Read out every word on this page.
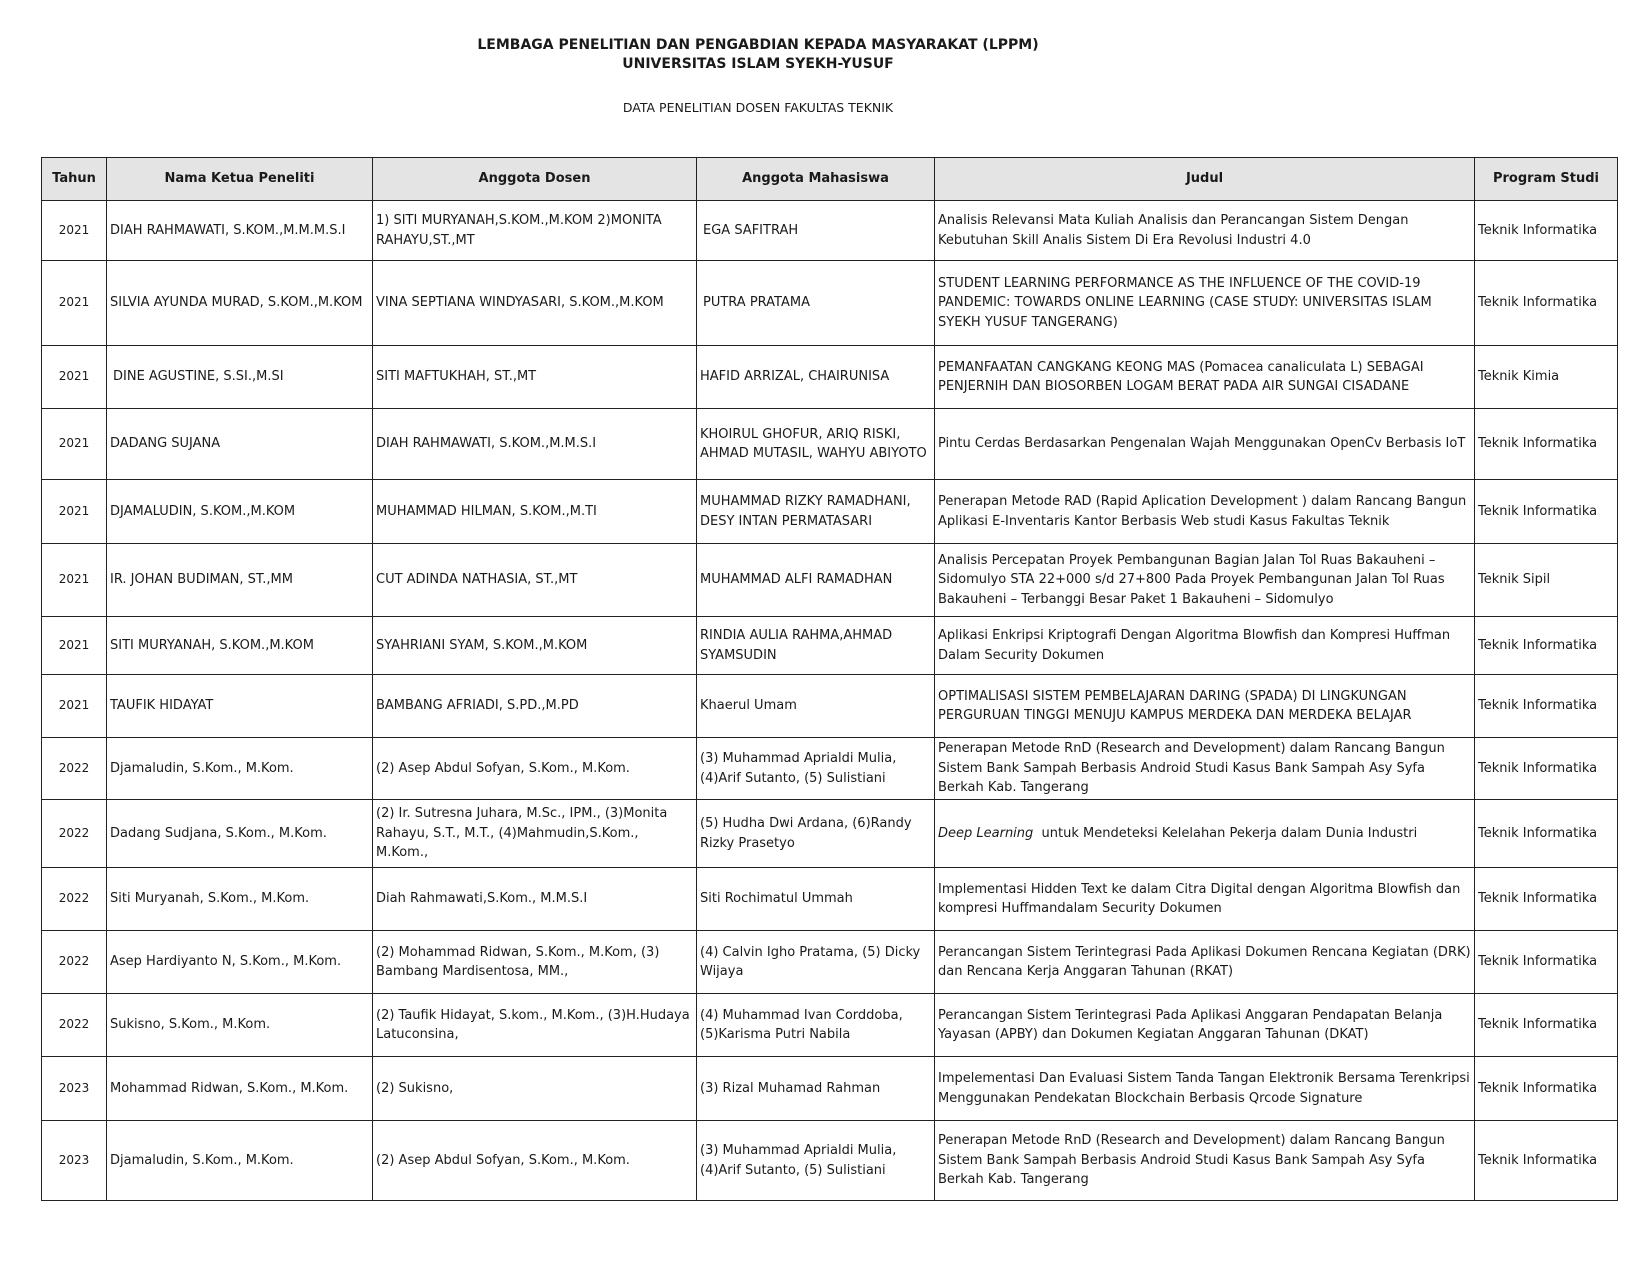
LEMBAGA PENELITIAN DAN PENGABDIAN KEPADA MASYARAKAT (LPPM)
UNIVERSITAS ISLAM SYEKH-YUSUF
DATA PENELITIAN DOSEN FAKULTAS TEKNIK
Tahun	Nama Ketua Peneliti	Anggota Dosen	Anggota Mahasiswa	Judul	Program Studi
2021	DIAH RAHMAWATI, S.KOM.,M.M.M.S.I	1) SITI MURYANAH,S.KOM.,M.KOM 2)MONITA RAHAYU,ST.,MT	EGA SAFITRAH	Analisis Relevansi Mata Kuliah Analisis dan Perancangan Sistem Dengan Kebutuhan Skill Analis Sistem Di Era Revolusi Industri 4.0	Teknik Informatika
2021	SILVIA AYUNDA MURAD, S.KOM.,M.KOM	VINA SEPTIANA WINDYASARI, S.KOM.,M.KOM	PUTRA PRATAMA	STUDENT LEARNING PERFORMANCE AS THE INFLUENCE OF THE COVID-19 PANDEMIC: TOWARDS ONLINE LEARNING (CASE STUDY: UNIVERSITAS ISLAM SYEKH YUSUF TANGERANG)	Teknik Informatika
2021	DINE AGUSTINE, S.SI.,M.SI	SITI MAFTUKHAH, ST.,MT	HAFID ARRIZAL, CHAIRUNISA	PEMANFAATAN CANGKANG KEONG MAS (Pomacea canaliculata L) SEBAGAI PENJERNIH DAN BIOSORBEN LOGAM BERAT PADA AIR SUNGAI CISADANE	Teknik Kimia
2021	DADANG SUJANA	DIAH RAHMAWATI, S.KOM.,M.M.S.I	KHOIRUL GHOFUR, ARIQ RISKI, AHMAD MUTASIL, WAHYU ABIYOTO	Pintu Cerdas Berdasarkan Pengenalan Wajah Menggunakan OpenCv Berbasis IoT	Teknik Informatika
2021	DJAMALUDIN, S.KOM.,M.KOM	MUHAMMAD HILMAN, S.KOM.,M.TI	MUHAMMAD RIZKY RAMADHANI, DESY INTAN PERMATASARI	Penerapan Metode RAD (Rapid Aplication Development ) dalam Rancang Bangun Aplikasi E-Inventaris Kantor Berbasis Web studi Kasus Fakultas Teknik	Teknik Informatika
2021	IR. JOHAN BUDIMAN, ST.,MM	CUT ADINDA NATHASIA, ST.,MT	MUHAMMAD ALFI RAMADHAN	Analisis Percepatan Proyek Pembangunan Bagian Jalan Tol Ruas Bakauheni – Sidomulyo STA 22+000 s/d 27+800 Pada Proyek Pembangunan Jalan Tol Ruas Bakauheni – Terbanggi Besar Paket 1 Bakauheni – Sidomulyo	Teknik Sipil
2021	SITI MURYANAH, S.KOM.,M.KOM	SYAHRIANI SYAM, S.KOM.,M.KOM	RINDIA AULIA RAHMA,AHMAD SYAMSUDIN	Aplikasi Enkripsi Kriptografi Dengan Algoritma Blowfish dan Kompresi Huffman Dalam Security Dokumen	Teknik Informatika
2021	TAUFIK HIDAYAT	BAMBANG AFRIADI, S.PD.,M.PD	Khaerul Umam	OPTIMALISASI SISTEM PEMBELAJARAN DARING (SPADA) DI LINGKUNGAN PERGURUAN TINGGI MENUJU KAMPUS MERDEKA DAN MERDEKA BELAJAR	Teknik Informatika
2022	Djamaludin, S.Kom., M.Kom.	(2) Asep Abdul Sofyan, S.Kom., M.Kom.	(3) Muhammad Aprialdi Mulia, (4)Arif Sutanto, (5) Sulistiani	Penerapan Metode RnD (Research and Development) dalam Rancang Bangun Sistem Bank Sampah Berbasis Android Studi Kasus Bank Sampah Asy Syfa Berkah Kab. Tangerang	Teknik Informatika
2022	Dadang Sudjana, S.Kom., M.Kom.	(2) Ir. Sutresna Juhara, M.Sc., IPM., (3)Monita Rahayu, S.T., M.T., (4)Mahmudin,S.Kom., M.Kom.,	(5) Hudha Dwi Ardana, (6)Randy Rizky Prasetyo	Deep Learning  untuk Mendeteksi Kelelahan Pekerja dalam Dunia Industri	Teknik Informatika
2022	Siti Muryanah, S.Kom., M.Kom.	Diah Rahmawati,S.Kom., M.M.S.I	Siti Rochimatul Ummah	Implementasi Hidden Text ke dalam Citra Digital dengan Algoritma Blowfish dan kompresi Huffmandalam Security Dokumen	Teknik Informatika
2022	Asep Hardiyanto N, S.Kom., M.Kom.	(2) Mohammad Ridwan, S.Kom., M.Kom, (3) Bambang Mardisentosa, MM.,	(4) Calvin Igho Pratama, (5) Dicky Wijaya	Perancangan Sistem Terintegrasi Pada Aplikasi Dokumen Rencana Kegiatan (DRK) dan Rencana Kerja Anggaran Tahunan (RKAT)	Teknik Informatika
2022	Sukisno, S.Kom., M.Kom.	(2) Taufik Hidayat, S.kom., M.Kom., (3)H.Hudaya Latuconsina,	(4) Muhammad Ivan Corddoba, (5)Karisma Putri Nabila	Perancangan Sistem Terintegrasi Pada Aplikasi Anggaran Pendapatan Belanja Yayasan (APBY) dan Dokumen Kegiatan Anggaran Tahunan (DKAT)	Teknik Informatika
2023	Mohammad Ridwan, S.Kom., M.Kom.	(2) Sukisno,	(3) Rizal Muhamad Rahman	Impelementasi Dan Evaluasi Sistem Tanda Tangan Elektronik Bersama Terenkripsi Menggunakan Pendekatan Blockchain Berbasis Qrcode Signature	Teknik Informatika
2023	Djamaludin, S.Kom., M.Kom.	(2) Asep Abdul Sofyan, S.Kom., M.Kom.	(3) Muhammad Aprialdi Mulia, (4)Arif Sutanto, (5) Sulistiani	Penerapan Metode RnD (Research and Development) dalam Rancang Bangun Sistem Bank Sampah Berbasis Android Studi Kasus Bank Sampah Asy Syfa Berkah Kab. Tangerang	Teknik Informatika
